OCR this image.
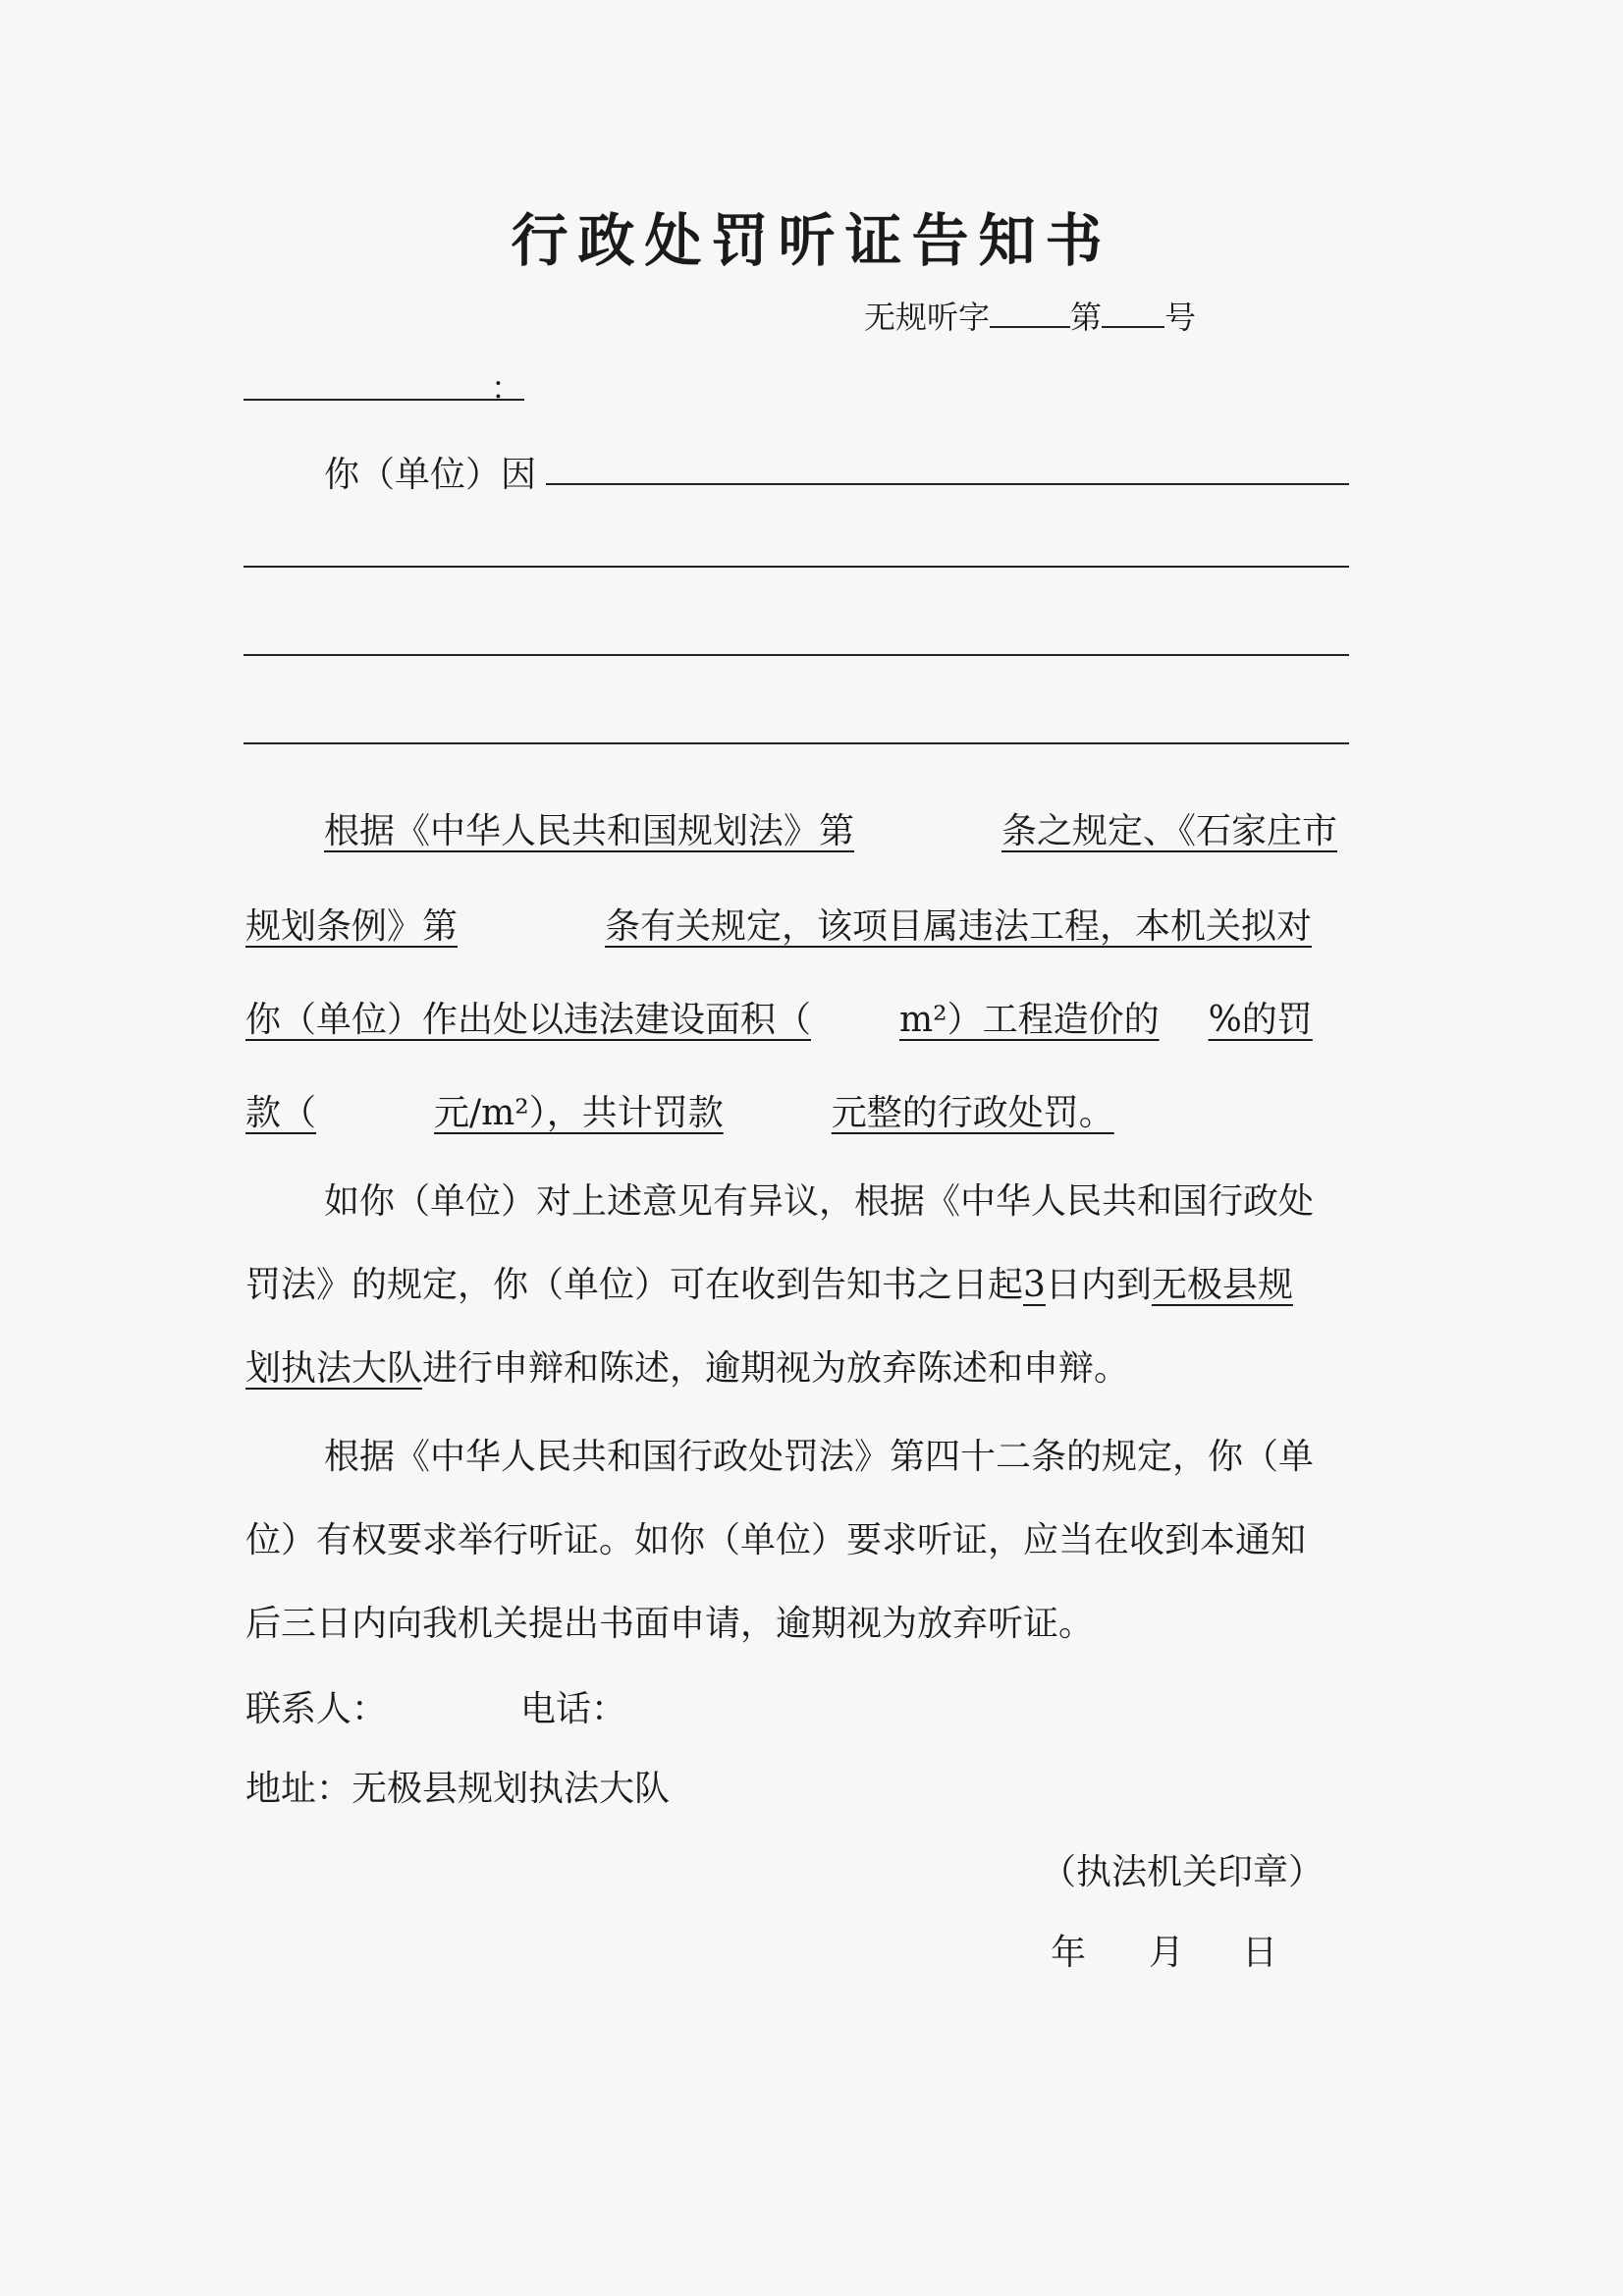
行政处罚听证告知书
无规听字	第 号
：
你（单位）因
根据《中华人民共和国规划法》第	条之规定、《石家庄市
规划条例》第	条有关规定，该项目属违法工程，本机关拟对
你（单位）作出处以违法建设面积（	m²）工程造价的 %的罚
款（	元/m²），共计罚款	元整的行政处罚。
如你（单位）对上述意见有异议，根据《中华人民共和国行政处
罚法》的规定，你（单位）可在收到告知书之日起3日内到无极县规
划执法大队进行申辩和陈述，逾期视为放弃陈述和申辩。
根据《中华人民共和国行政处罚法》第四十二条的规定，你（单
位）有权要求举行听证。如你（单位）要求听证，应当在收到本通知
后三日内向我机关提出书面申请，逾期视为放弃听证。
联系人：	电话：
地址：无极县规划执法大队
（执法机关印章）
年 月 日
